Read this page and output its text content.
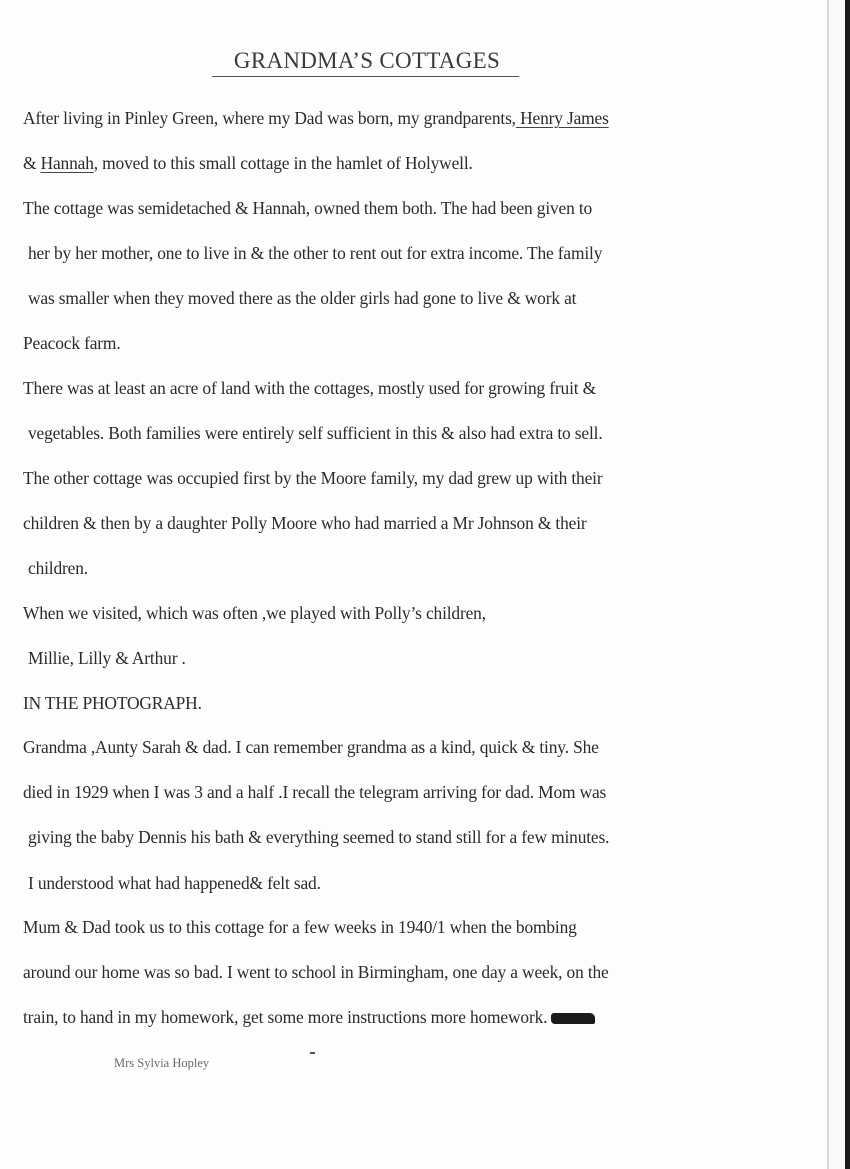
GRANDMA’S COTTAGES
After living in Pinley Green, where my Dad was born, my grandparents, Henry James
& Hannah, moved to this small cottage in the hamlet of Holywell.
The cottage was semidetached & Hannah, owned them both. The had been given to
her by her mother, one to live in & the other to rent out for extra income. The family
was smaller when they moved there as the older girls had gone to live & work at
Peacock farm.
There was at least an acre of land with the cottages, mostly used for growing fruit &
vegetables. Both families were entirely self sufficient in this & also had extra to sell.
The other cottage was occupied first by the Moore family, my dad grew up with their
children & then by a daughter Polly Moore who had married a Mr Johnson & their
children.
When we visited, which was often ,we played with Polly’s children,
Millie, Lilly & Arthur .
IN THE PHOTOGRAPH.
Grandma ,Aunty Sarah & dad. I can remember grandma as a kind, quick & tiny. She
died in 1929 when I was 3 and a half .I recall the telegram arriving for dad. Mom was
giving the baby Dennis his bath & everything seemed to stand still for a few minutes.
I understood what had happened& felt sad.
Mum & Dad took us to this cottage for a few weeks in 1940/1 when the bombing
around our home was so bad. I went to school in Birmingham, one day a week, on the
train, to hand in my homework, get some more instructions more homework.
Mrs Sylvia Hopley
